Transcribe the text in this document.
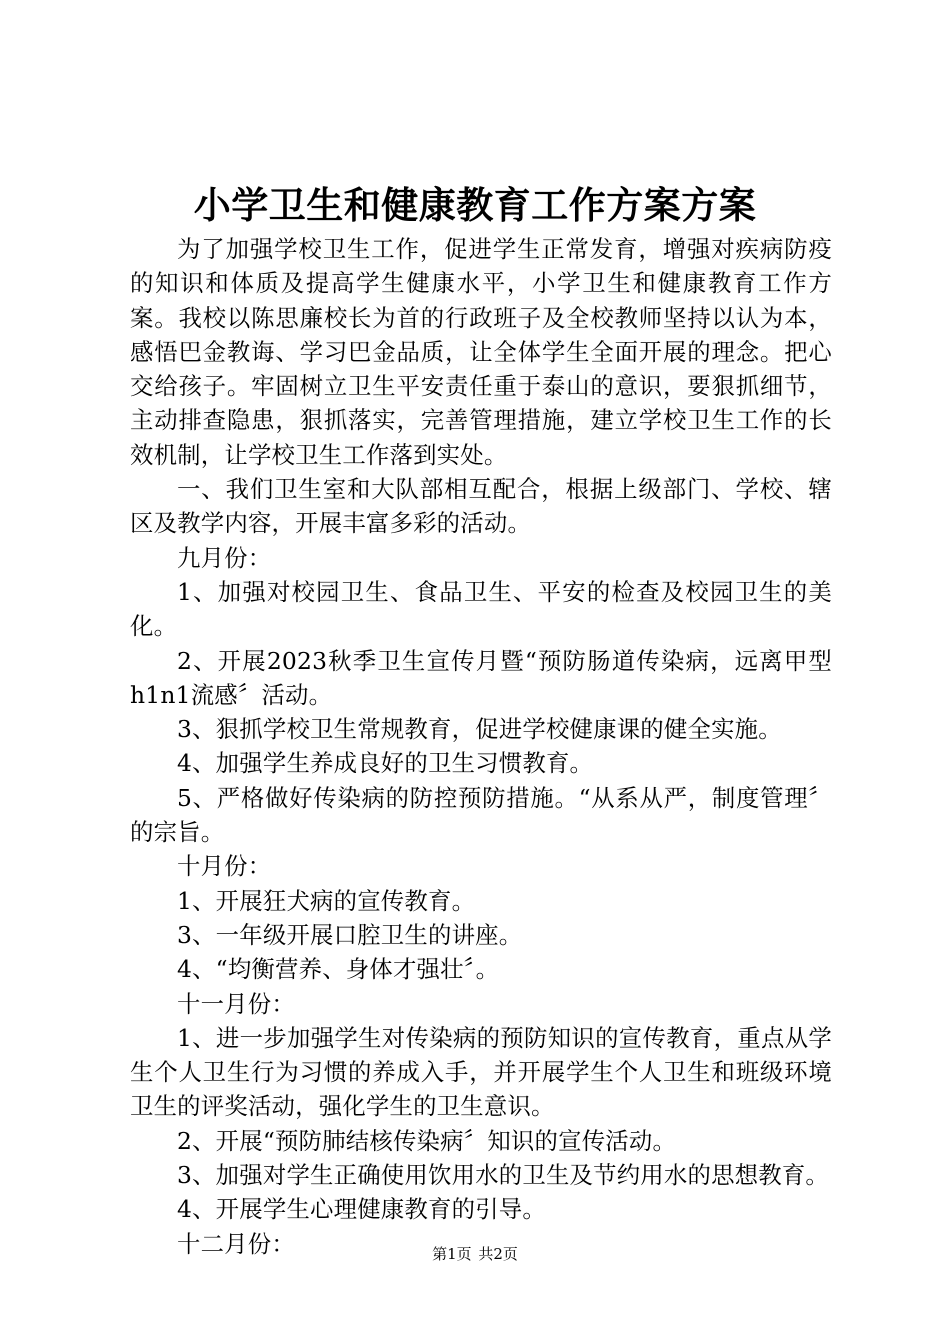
小学卫生和健康教育工作方案方案

为了加强学校卫生工作，促进学生正常发育，增强对疾病防疫的知识和体质及提高学生健康水平，小学卫生和健康教育工作方案。我校以陈思廉校长为首的行政班子及全校教师坚持以认为本，感悟巴金教诲、学习巴金品质，让全体学生全面开展的理念。把心交给孩子。牢固树立卫生平安责任重于泰山的意识，要狠抓细节，主动排查隐患，狠抓落实，完善管理措施，建立学校卫生工作的长效机制，让学校卫生工作落到实处。

一、我们卫生室和大队部相互配合，根据上级部门、学校、辖区及教学内容，开展丰富多彩的活动。

九月份：

1、加强对校园卫生、食品卫生、平安的检查及校园卫生的美化。

2、开展2023秋季卫生宣传月暨“预防肠道传染病，远离甲型h1n1流感〞活动。

3、狠抓学校卫生常规教育，促进学校健康课的健全实施。

4、加强学生养成良好的卫生习惯教育。

5、严格做好传染病的防控预防措施。“从系从严，制度管理〞的宗旨。

十月份：

1、开展狂犬病的宣传教育。

3、一年级开展口腔卫生的讲座。

4、“均衡营养、身体才强壮〞。

十一月份：

1、进一步加强学生对传染病的预防知识的宣传教育，重点从学生个人卫生行为习惯的养成入手，并开展学生个人卫生和班级环境卫生的评奖活动，强化学生的卫生意识。

2、开展“预防肺结核传染病〞知识的宣传活动。

3、加强对学生正确使用饮用水的卫生及节约用水的思想教育。

4、开展学生心理健康教育的引导。

十二月份：	第1页 共2页
